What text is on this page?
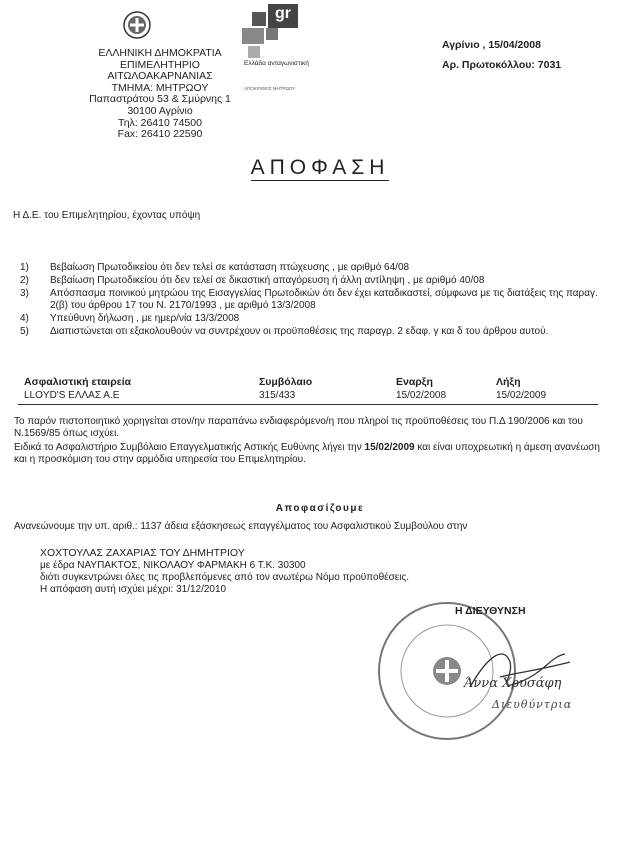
ΕΛΛΗΝΙΚΗ ΔΗΜΟΚΡΑΤΙΑ
ΕΠΙΜΕΛΗΤΗΡΙΟ
ΑΙΤΩΛΟΑΚΑΡΝΑΝΙΑΣ
ΤΜΗΜΑ: ΜΗΤΡΩΟΥ
Παπαστράτου 53 & Σμύρνης 1
30100 Αγρίνιο
Τηλ: 26410 74500
Fax: 26410 22590
gr
Ελλάδα ανταγωνιστική
ΑΠΟΚΡΙΘΕΙΣ ΜΗΤΡΩΟΥ
Αγρίνιο , 15/04/2008
Αρ. Πρωτοκόλλου: 7031
ΑΠΟΦΑΣΗ
Η Δ.Ε. του Επιμελητηρίου, έχοντας υπόψη
1)	Βεβαίωση Πρωτοδικείου ότι δεν τελεί σε κατάσταση πτώχευσης , με αριθμό 64/08
2)	Βεβαίωση Πρωτοδικείου ότι δεν τελεί σε δικαστική απαγόρευση ή άλλη αντίληψη , με αριθμό 40/08
3)	Απόσπασμα ποινικού μητρώου της Εισαγγελίας Πρωτοδικών ότι δεν έχει καταδικαστεί, σύμφωνα με τις διατάξεις της παραγ. 2(β) του άρθρου 17 του Ν. 2170/1993 , με αριθμό 13/3/2008
4)	Υπεύθυνη δήλωση , με ημερ/νία 13/3/2008
5)	Διαπιστώνεται οτι εξακολουθούν να συντρέχουν οι προϋποθέσεις της παραγρ. 2 εδαφ. γ και δ του άρθρου αυτού.
Ασφαλιστική εταιρεία	Συμβόλαιο	Εναρξη	Λήξη
LLOYD'S ΕΛΛΑΣ Α.Ε	315/433	15/02/2008	15/02/2009
Το παρόν πιστοποιητικό χορηγείται στον/ην παραπάνω ενδιαφερόμενο/η που πληροί τις προϋποθέσεις του Π.Δ 190/2006 και του Ν.1569/85 όπως ισχύει.
Ειδικά το Ασφαλιστήριο Συμβόλαιο Επαγγελματικής Αστικής Ευθύνης λήγει την 15/02/2009 και είναι υποχρεωτική η άμεση ανανέωση και η προσκόμιση του στην αρμόδια υπηρεσία του Επιμελητηρίου.
Αποφασίζουμε
Ανανεώνουμε την υπ. αριθ.: 1137 άδεια εξάσκησεως επαγγέλματος του Ασφαλιστικού Συμβούλου στην
ΧΟΧΤΟΥΛΑΣ ΖΑΧΑΡΙΑΣ ΤΟΥ ΔΗΜΗΤΡΙΟΥ
με έδρα ΝΑΥΠΑΚΤΟΣ, ΝΙΚΟΛΑΟΥ ΦΑΡΜΑΚΗ 6 Τ.Κ. 30300
διότι συγκεντρώνει όλες τις προβλεπόμενες από τον ανωτέρω Νόμο προϋποθέσεις.
Η απόφαση αυτή ισχύει μέχρι: 31/12/2010
Η ΔΙΕΥΘΥΝΣΗ
Άννα Χρυσάφη
Διευθύντρια
